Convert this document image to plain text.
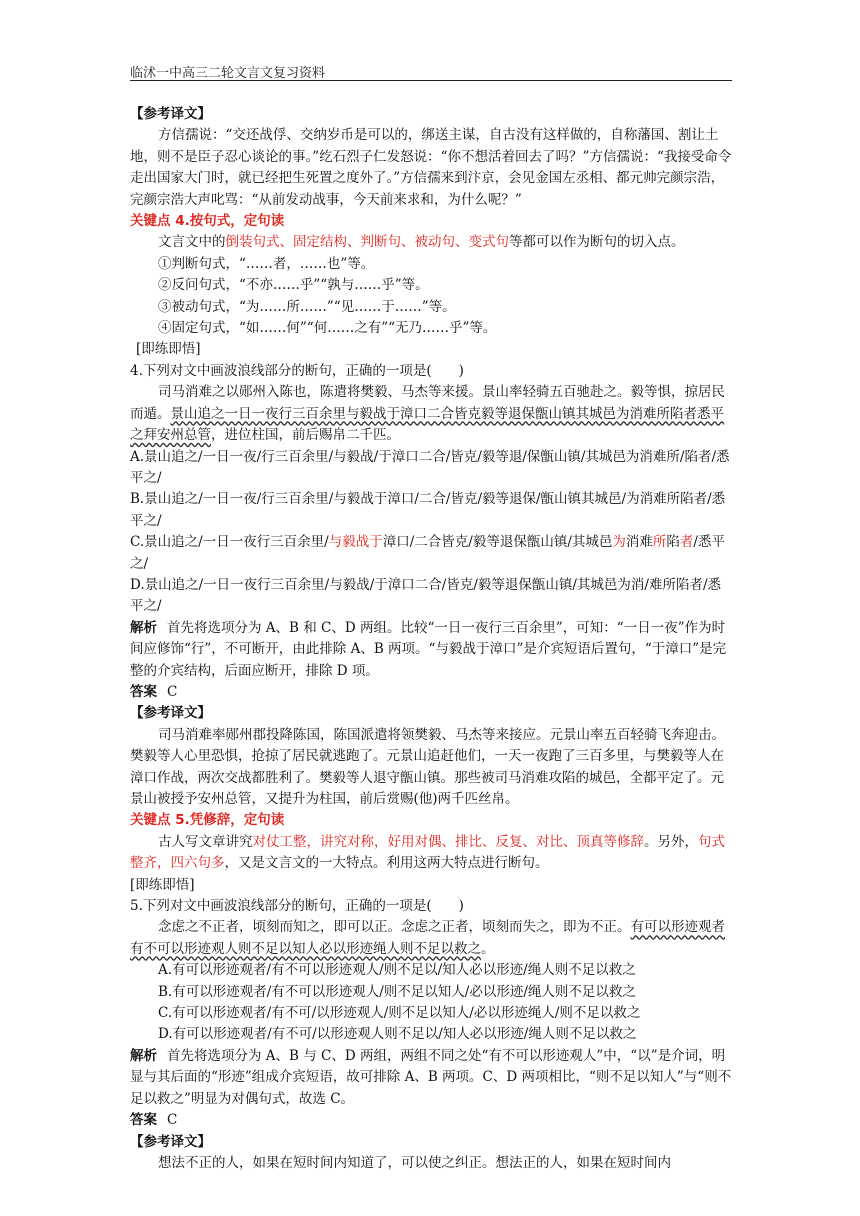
临沭一中高三二轮文言文复习资料

【参考译文】

方信孺说：“交还战俘、交纳岁币是可以的，绑送主谋，自古没有这样做的，自称藩国、割让土地，则不是臣子忍心谈论的事。”纥石烈子仁发怒说：“你不想活着回去了吗？”方信孺说：“我接受命令走出国家大门时，就已经把生死置之度外了。”方信孺来到汴京，会见金国左丞相、都元帅完颜宗浩，完颜宗浩大声叱骂：“从前发动战事，今天前来求和，为什么呢？”

关键点 4.按句式，定句读

文言文中的倒装句式、固定结构、判断句、被动句、变式句等都可以作为断句的切入点。

①判断句式，“……者，……也”等。

②反问句式，“不亦……乎”“孰与……乎”等。

③被动句式，“为……所……”“见……于……”等。

④固定句式，“如……何”“何……之有”“无乃……乎”等。

[即练即悟]

4.下列对文中画波浪线部分的断句，正确的一项是(　　)

司马消难之以郧州入陈也，陈遣将樊毅、马杰等来援。景山率轻骑五百驰赴之。毅等惧，掠居民而遁。景山追之一日一夜行三百余里与毅战于漳口二合皆克毅等退保甑山镇其城邑为消难所陷者悉平之拜安州总管，进位柱国，前后赐帛二千匹。

A.景山追之/一日一夜/行三百余里/与毅战/于漳口二合/皆克/毅等退/保甑山镇/其城邑为消难所/陷者/悉平之/

B.景山追之/一日一夜/行三百余里/与毅战于漳口/二合/皆克/毅等退保/甑山镇其城邑/为消难所陷者/悉平之/

C.景山追之/一日一夜行三百余里/与毅战于漳口/二合皆克/毅等退保甑山镇/其城邑为消难所陷者/悉平之/

D.景山追之/一日一夜行三百余里/与毅战/于漳口二合/皆克/毅等退保甑山镇/其城邑为消/难所陷者/悉平之/

解析 首先将选项分为 A、B 和 C、D 两组。比较“一日一夜行三百余里”，可知：“一日一夜”作为时间应修饰“行”，不可断开，由此排除 A、B 两项。“与毅战于漳口”是介宾短语后置句，“于漳口”是完整的介宾结构，后面应断开，排除 D 项。

答案 C

【参考译文】

司马消难率郧州郡投降陈国，陈国派遣将领樊毅、马杰等来接应。元景山率五百轻骑飞奔迎击。樊毅等人心里恐惧，抢掠了居民就逃跑了。元景山追赶他们，一天一夜跑了三百多里，与樊毅等人在漳口作战，两次交战都胜利了。樊毅等人退守甑山镇。那些被司马消难攻陷的城邑，全都平定了。元景山被授予安州总管，又提升为柱国，前后赏赐(他)两千匹丝帛。

关键点 5.凭修辞，定句读

古人写文章讲究对仗工整，讲究对称，好用对偶、排比、反复、对比、顶真等修辞。另外，句式整齐，四六句多，又是文言文的一大特点。利用这两大特点进行断句。

[即练即悟]

5.下列对文中画波浪线部分的断句，正确的一项是(　　)

念虑之不正者，顷刻而知之，即可以正。念虑之正者，顷刻而失之，即为不正。有可以形迹观者有不可以形迹观人则不足以知人必以形迹绳人则不足以救之。

A.有可以形迹观者/有不可以形迹观人/则不足以/知人必以形迹/绳人则不足以救之

B.有可以形迹观者/有不可以形迹观人/则不足以知人/必以形迹/绳人则不足以救之

C.有可以形迹观者/有不可/以形迹观人/则不足以知人/必以形迹绳人/则不足以救之

D.有可以形迹观者/有不可/以形迹观人则不足以/知人必以形迹/绳人则不足以救之

解析 首先将选项分为 A、B 与 C、D 两组，两组不同之处“有不可以形迹观人”中，“以”是介词，明显与其后面的“形迹”组成介宾短语，故可排除 A、B 两项。C、D 两项相比，“则不足以知人”与“则不足以救之”明显为对偶句式，故选 C。

答案 C

【参考译文】

想法不正的人，如果在短时间内知道了，可以使之纠正。想法正的人，如果在短时间内
